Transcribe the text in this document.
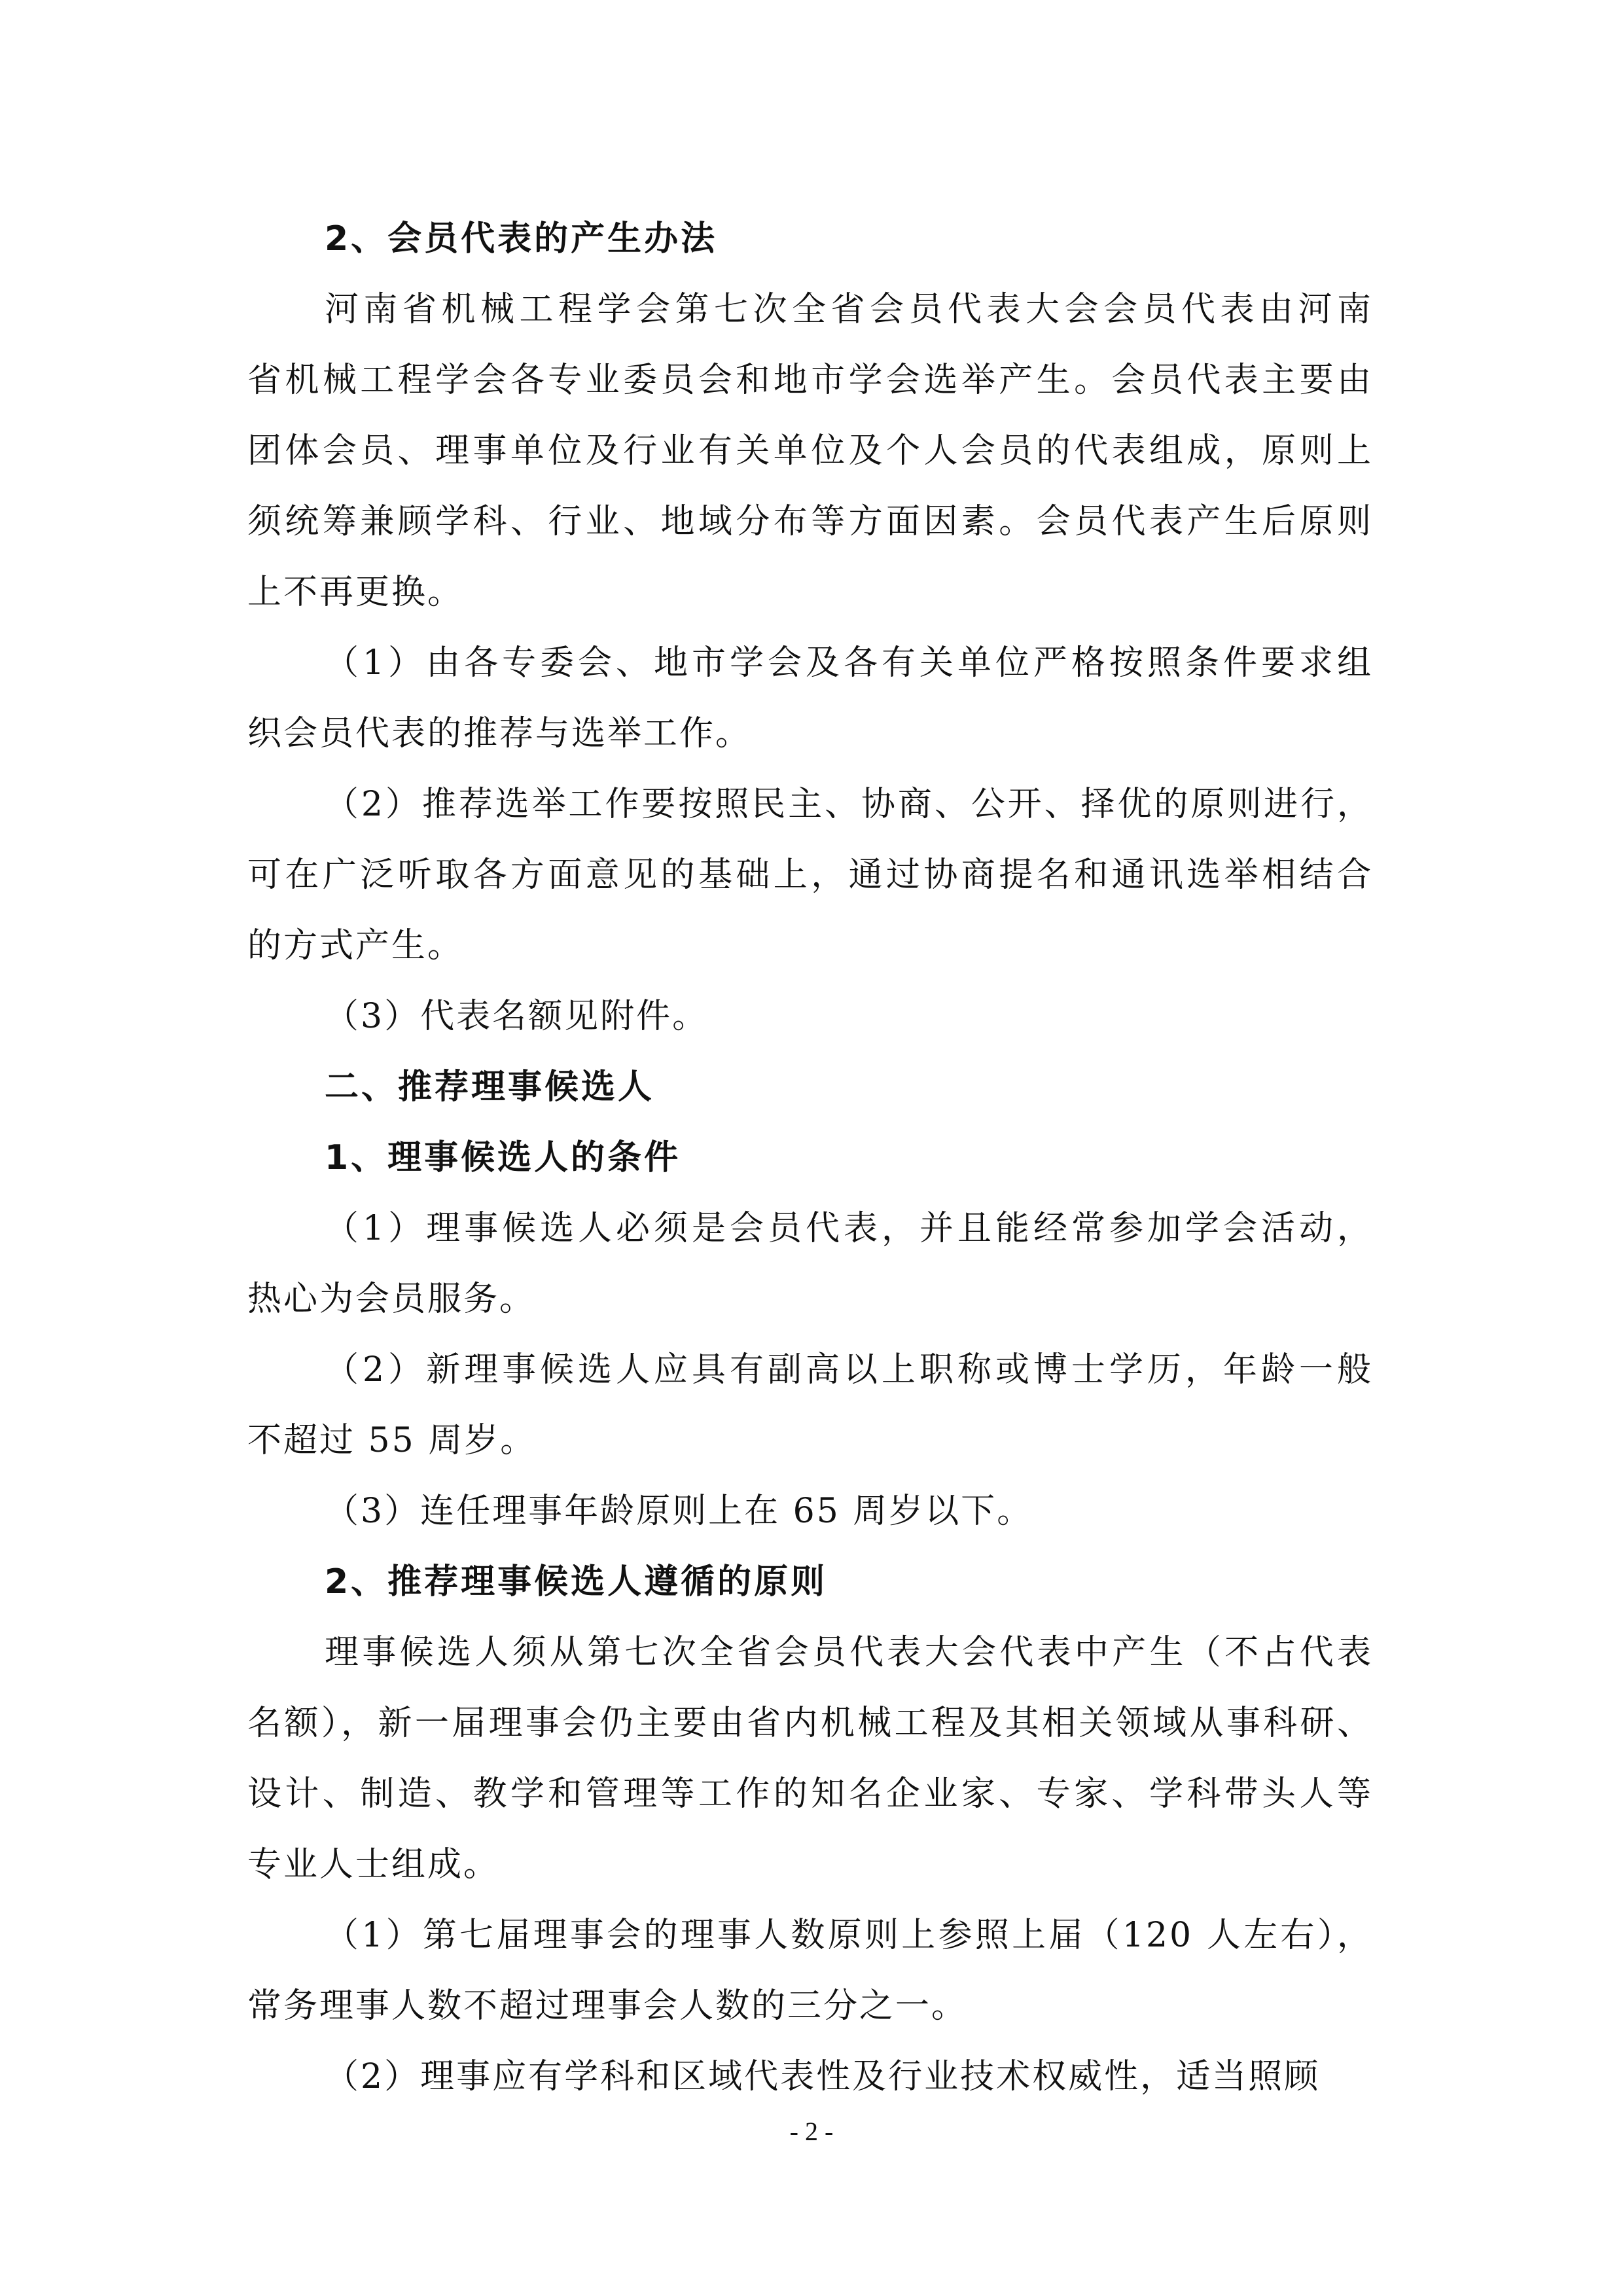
2、会员代表的产生办法
河南省机械工程学会第七次全省会员代表大会会员代表由河南
省机械工程学会各专业委员会和地市学会选举产生。会员代表主要由
团体会员、理事单位及行业有关单位及个人会员的代表组成，原则上
须统筹兼顾学科、行业、地域分布等方面因素。会员代表产生后原则
上不再更换。
（1）由各专委会、地市学会及各有关单位严格按照条件要求组
织会员代表的推荐与选举工作。
（2）推荐选举工作要按照民主、协商、公开、择优的原则进行，
可在广泛听取各方面意见的基础上，通过协商提名和通讯选举相结合
的方式产生。
（3）代表名额见附件。
二、推荐理事候选人
1、理事候选人的条件
（1）理事候选人必须是会员代表，并且能经常参加学会活动，
热心为会员服务。
（2）新理事候选人应具有副高以上职称或博士学历，年龄一般
不超过 55 周岁。
（3）连任理事年龄原则上在 65 周岁以下。
2、推荐理事候选人遵循的原则
理事候选人须从第七次全省会员代表大会代表中产生（不占代表
名额），新一届理事会仍主要由省内机械工程及其相关领域从事科研、
设计、制造、教学和管理等工作的知名企业家、专家、学科带头人等
专业人士组成。
（1）第七届理事会的理事人数原则上参照上届（120 人左右），
常务理事人数不超过理事会人数的三分之一。
（2）理事应有学科和区域代表性及行业技术权威性，适当照顾
- 2 -
